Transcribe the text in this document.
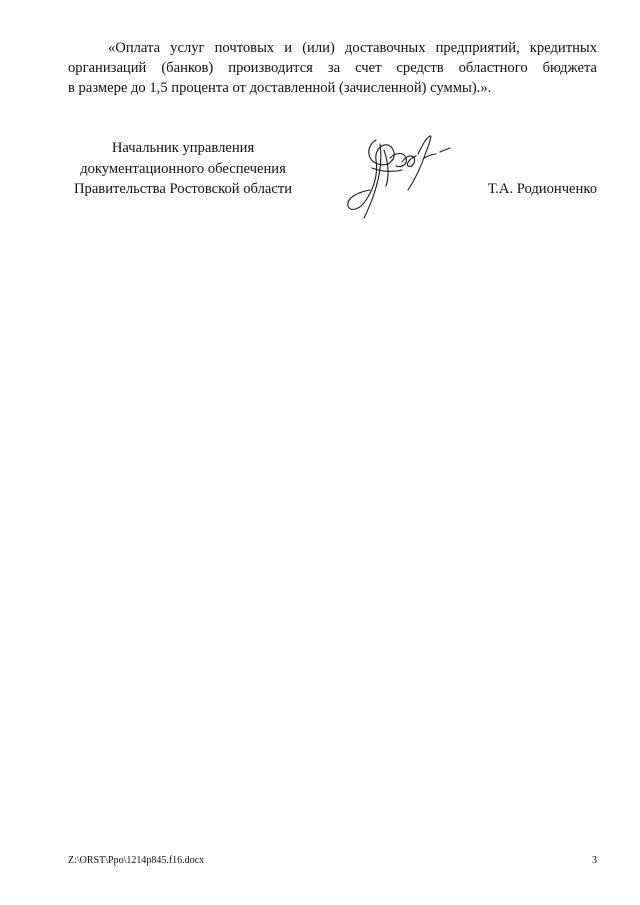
«Оплата услуг почтовых и (или) доставочных предприятий, кредитных
организаций (банков) производится за счет средств областного бюджета
в размере до 1,5 процента от доставленной (зачисленной) суммы).».

Начальник управления
документационного обеспечения
Правительства Ростовской области	Т.А. Родионченко
Z:\ORST\Ppo\1214p845.f16.docx	3
